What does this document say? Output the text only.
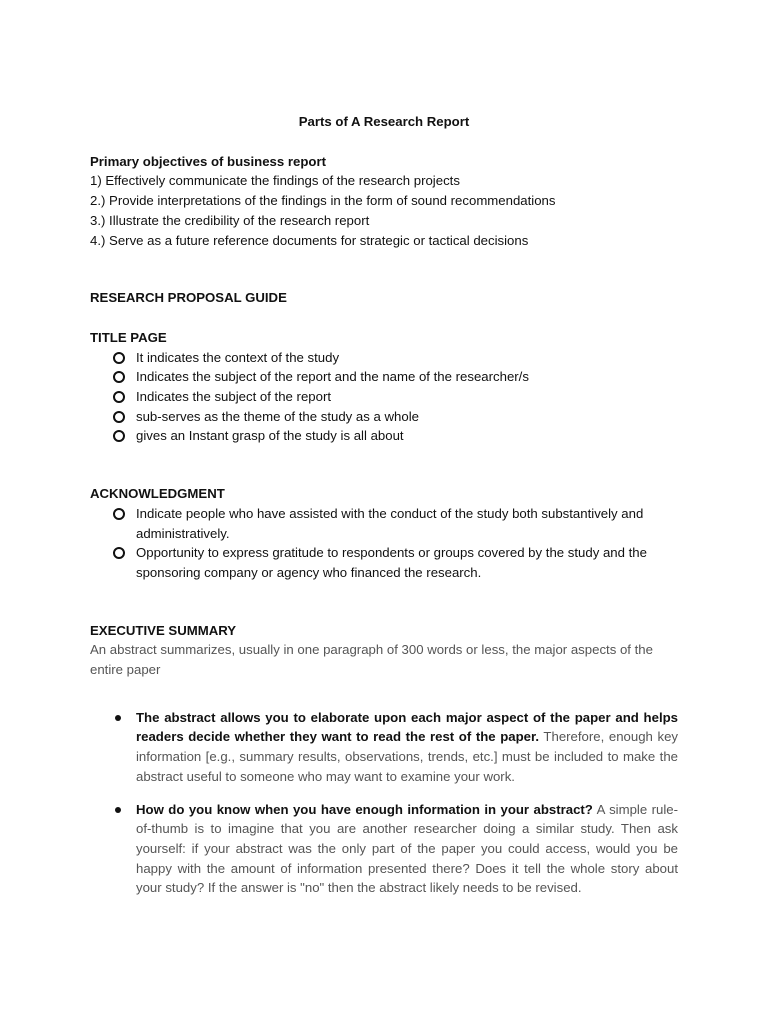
Parts of A Research Report

Primary objectives of business report

1) Effectively communicate the findings of the research projects

2.) Provide interpretations of the findings in the form of sound recommendations

3.) Illustrate the credibility of the research report

4.) Serve as a future reference documents for strategic or tactical decisions

RESEARCH PROPOSAL GUIDE

TITLE PAGE

It indicates the context of the study
Indicates the subject of the report and the name of the researcher/s
Indicates the subject of the report
sub-serves as the theme of the study as a whole
gives an Instant grasp of the study is all about

ACKNOWLEDGMENT

Indicate people who have assisted with the conduct of the study both substantively and administratively.
Opportunity to express gratitude to respondents or groups covered by the study and the sponsoring company or agency who financed the research.

EXECUTIVE SUMMARY

An abstract summarizes, usually in one paragraph of 300 words or less, the major aspects of the entire paper

The abstract allows you to elaborate upon each major aspect of the paper and helps readers decide whether they want to read the rest of the paper. Therefore, enough key information [e.g., summary results, observations, trends, etc.] must be included to make the abstract useful to someone who may want to examine your work.
How do you know when you have enough information in your abstract? A simple rule-of-thumb is to imagine that you are another researcher doing a similar study. Then ask yourself: if your abstract was the only part of the paper you could access, would you be happy with the amount of information presented there? Does it tell the whole story about your study? If the answer is "no" then the abstract likely needs to be revised.
